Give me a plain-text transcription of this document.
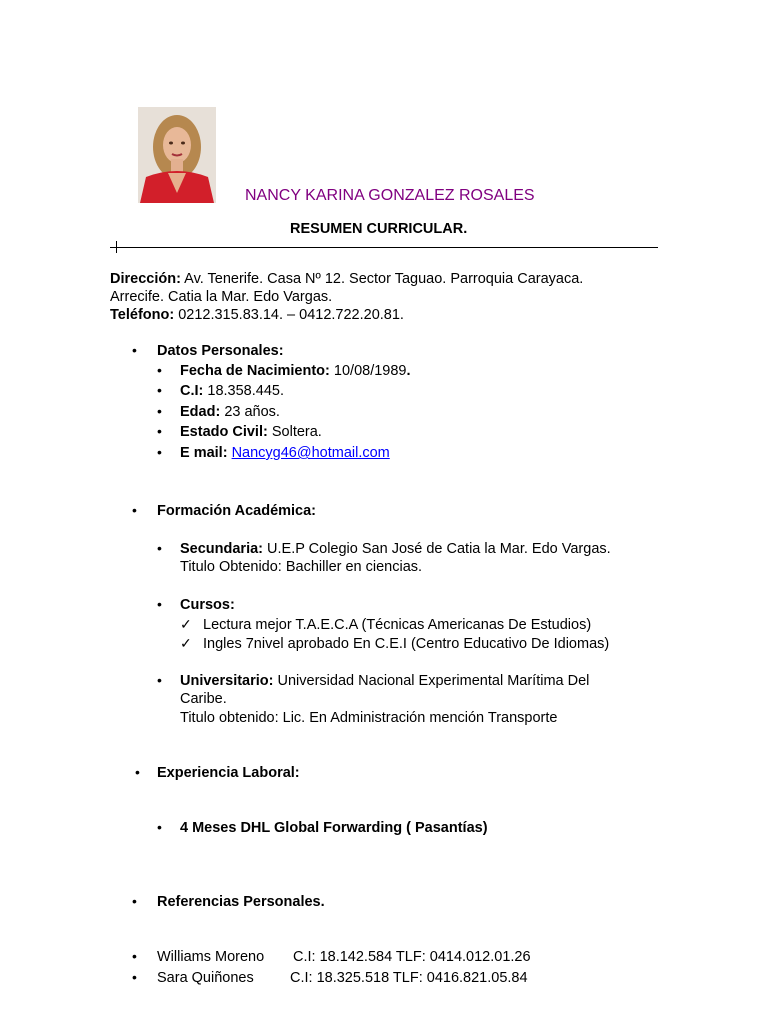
NANCY KARINA GONZALEZ ROSALES
RESUMEN CURRICULAR.
Dirección: Av. Tenerife. Casa Nº 12. Sector Taguao. Parroquia Carayaca.
Arrecife. Catia la Mar. Edo Vargas.
Teléfono: 0212.315.83.14. – 0412.722.20.81.
• Datos Personales:
• Fecha de Nacimiento: 10/08/1989.
• C.I: 18.358.445.
• Edad: 23 años.
• Estado Civil: Soltera.
• E mail: Nancyg46@hotmail.com
• Formación Académica:
• Secundaria: U.E.P Colegio San José de Catia la Mar. Edo Vargas.
Titulo Obtenido: Bachiller en ciencias.
• Cursos:
✓ Lectura mejor T.A.E.C.A (Técnicas Americanas De Estudios)
✓ Ingles 7nivel aprobado En C.E.I (Centro Educativo De Idiomas)
• Universitario: Universidad Nacional Experimental Marítima Del
Caribe.
Titulo obtenido: Lic. En Administración mención Transporte
• Experiencia Laboral:
• 4 Meses DHL Global Forwarding ( Pasantías)
• Referencias Personales.
• Williams Moreno C.I: 18.142.584 TLF: 0414.012.01.26
• Sara Quiñones	C.I: 18.325.518 TLF: 0416.821.05.84
